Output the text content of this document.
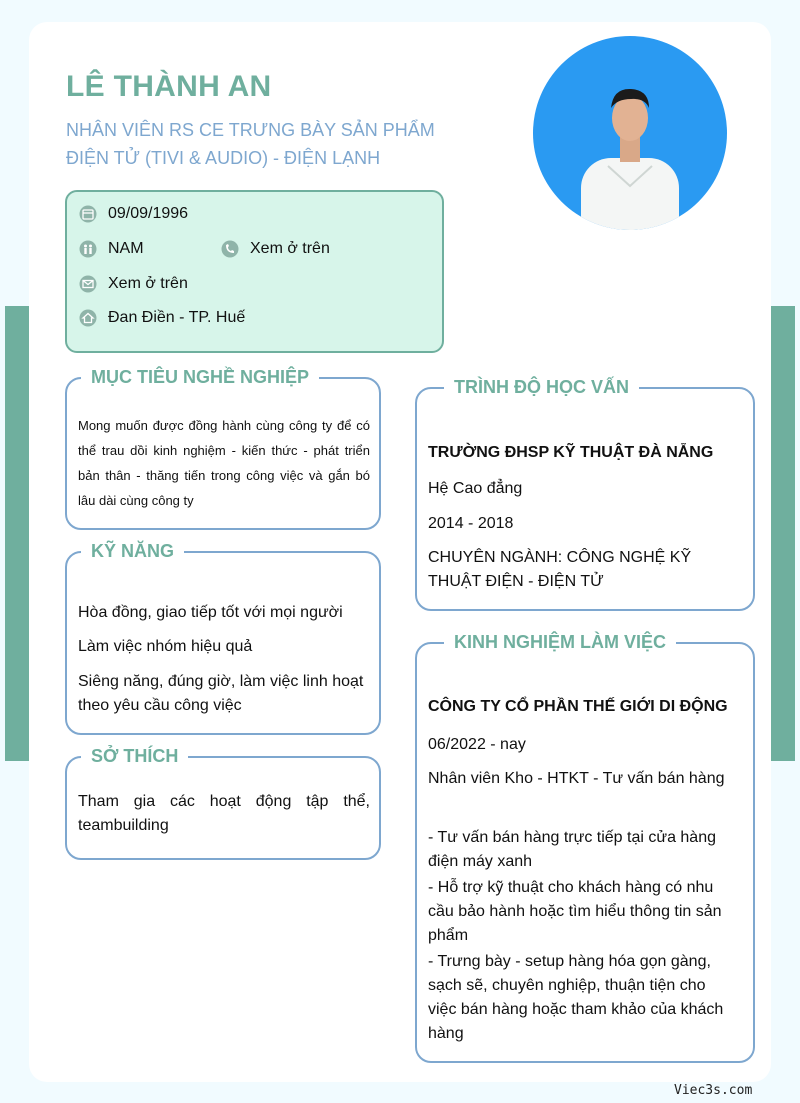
LÊ THÀNH AN
NHÂN VIÊN RS CE TRƯNG BÀY SẢN PHẨM
ĐIỆN TỬ (TIVI & AUDIO) - ĐIỆN LẠNH
09/09/1996
NAM	Xem ở trên
Xem ở trên
Đan Điền - TP. Huế
MỤC TIÊU NGHỀ NGHIỆP
Mong muốn được đồng hành cùng công ty để có thể trau dồi kinh nghiệm - kiến thức - phát triển bản thân - thăng tiến trong công việc và gắn bó lâu dài cùng công ty
KỸ NĂNG
Hòa đồng, giao tiếp tốt với mọi người
Làm việc nhóm hiệu quả
Siêng năng, đúng giờ, làm việc linh hoạt theo yêu cầu công việc
SỞ THÍCH
Tham gia các hoạt động tập thể, teambuilding
TRÌNH ĐỘ HỌC VẤN
TRƯỜNG ĐHSP KỸ THUẬT ĐÀ NẴNG
Hệ Cao đẳng
2014 - 2018
CHUYÊN NGÀNH: CÔNG NGHỆ KỸ THUẬT ĐIỆN - ĐIỆN TỬ
KINH NGHIỆM LÀM VIỆC
CÔNG TY CỔ PHẦN THẾ GIỚI DI ĐỘNG
06/2022 - nay
Nhân viên Kho - HTKT - Tư vấn bán hàng
- Tư vấn bán hàng trực tiếp tại cửa hàng điện máy xanh
- Hỗ trợ kỹ thuật cho khách hàng có nhu cầu bảo hành hoặc tìm hiểu thông tin sản phẩm
- Trưng bày - setup hàng hóa gọn gàng, sạch sẽ, chuyên nghiệp, thuận tiện cho việc bán hàng hoặc tham khảo của khách hàng
Viec3s.com
